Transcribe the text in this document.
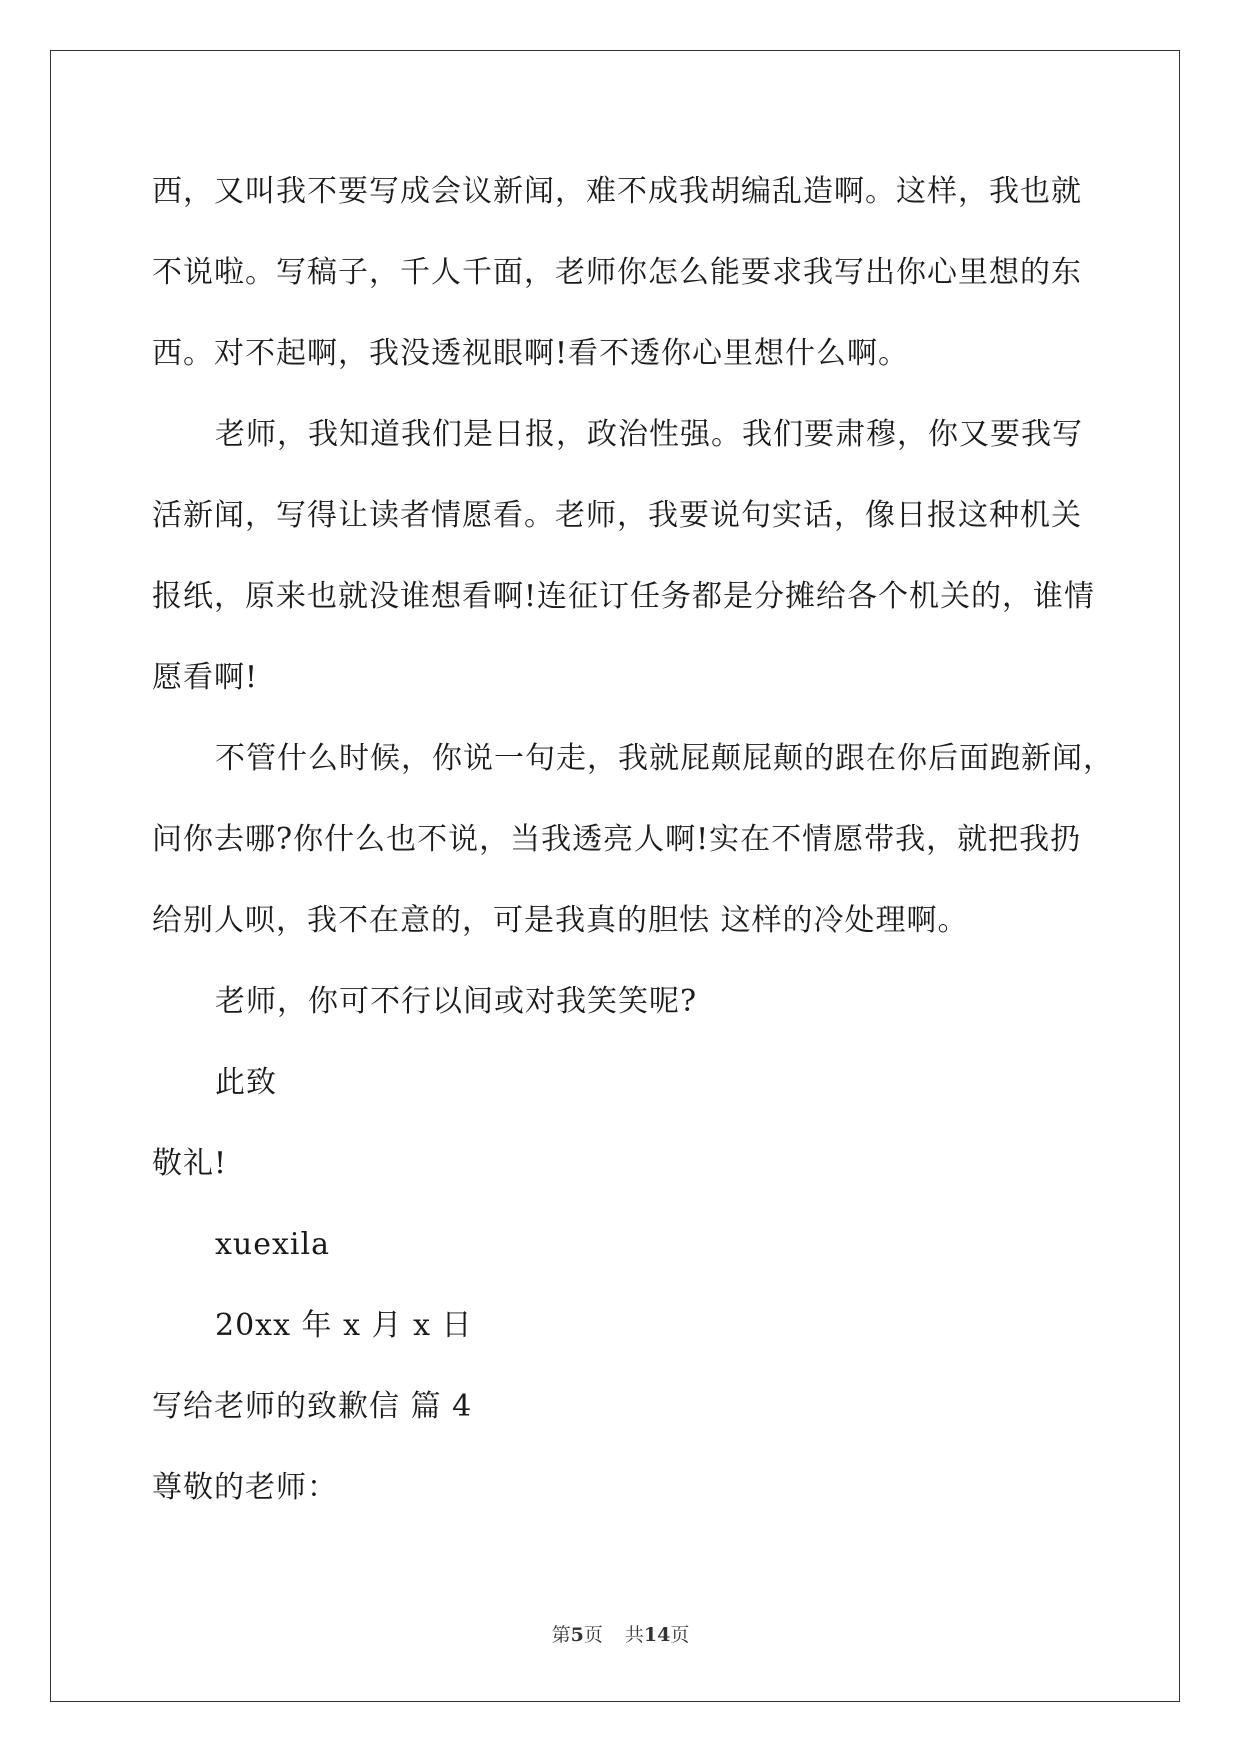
西，又叫我不要写成会议新闻，难不成我胡编乱造啊。这样，我也就
不说啦。写稿子，千人千面，老师你怎么能要求我写出你心里想的东
西。对不起啊，我没透视眼啊!看不透你心里想什么啊。
老师，我知道我们是日报，政治性强。我们要肃穆，你又要我写
活新闻，写得让读者情愿看。老师，我要说句实话，像日报这种机关
报纸，原来也就没谁想看啊!连征订任务都是分摊给各个机关的，谁情
愿看啊!
不管什么时候，你说一句走，我就屁颠屁颠的跟在你后面跑新闻，
问你去哪?你什么也不说，当我透亮人啊!实在不情愿带我，就把我扔
给别人呗，我不在意的，可是我真的胆怯 这样的冷处理啊。
老师，你可不行以间或对我笑笑呢?
此致
敬礼!
xuexila
20xx 年 x 月 x 日
写给老师的致歉信 篇 4
尊敬的老师：
第5页 共14页
